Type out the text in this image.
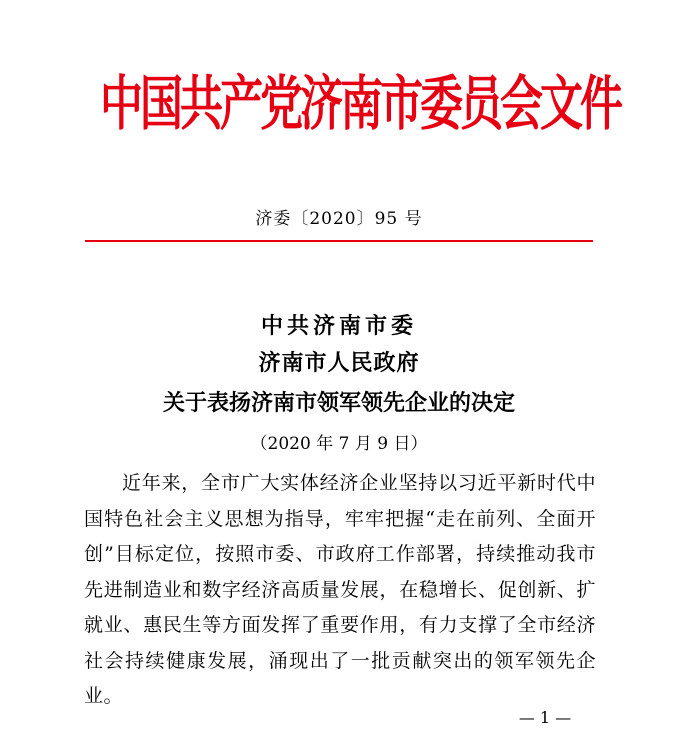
中国共产党济南市委员会文件
济委〔2020〕95 号
中共济南市委
济南市人民政府
关于表扬济南市领军领先企业的决定
（2020 年 7 月 9 日）

近年来，全市广大实体经济企业坚持以习近平新时代中国特色社会主义思想为指导，牢牢把握“走在前列、全面开创”目标定位，按照市委、市政府工作部署，持续推动我市先进制造业和数字经济高质量发展，在稳增长、促创新、扩就业、惠民生等方面发挥了重要作用，有力支撑了全市经济社会持续健康发展，涌现出了一批贡献突出的领军领先企业。

— 1 —
